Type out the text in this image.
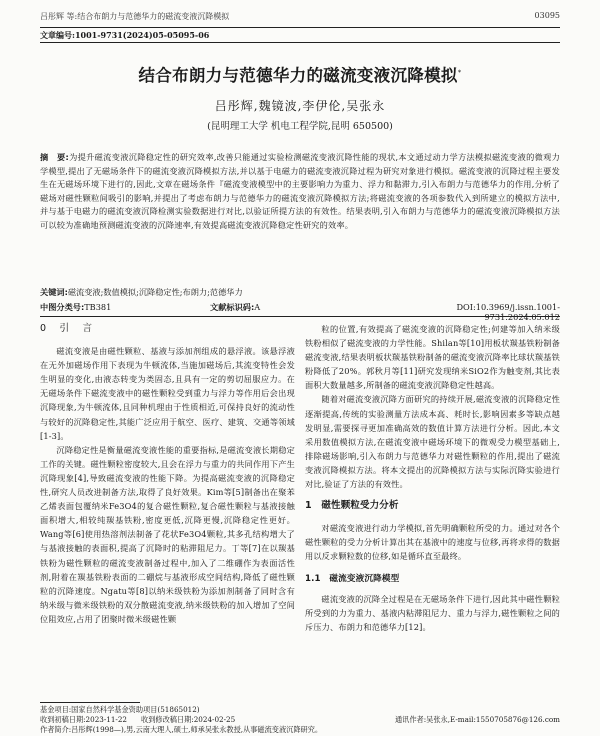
吕彤辉 等:结合布朗力与范德华力的磁流变液沉降模拟	03095
文章编号:1001-9731(2024)05-05095-06
结合布朗力与范德华力的磁流变液沉降模拟*
吕彤辉,魏镜波,李伊伦,吴张永
(昆明理工大学 机电工程学院,昆明 650500)
摘　要:为提升磁流变液沉降稳定性的研究效率,改善只能通过实验检测磁流变液沉降性能的现状,本文通过动力学方法模拟磁流变液的微观力学模型,提出了无磁场条件下的磁流变液沉降模拟方法,并以基于电磁力的磁流变液沉降过程为研究对象进行模拟。磁流变液的沉降过程主要发生在无磁场环境下进行的,因此,文章在磁场条件『磁流变液模型中的主要影响力为重力、浮力和黏滞力,引入布朗力与范德华力的作用,分析了磁场对磁性颗粒间吸引的影响,并提出了考虑布朗力与范德华力的磁流变液沉降模拟方法;将磁流变液的各项参数代入到所建立的模拟方法中,并与基于电磁力的磁流变液沉降检测实验数据进行对比,以验证所提方法的有效性。结果表明,引入布朗力与范德华力的磁流变液沉降模拟方法可以较为准确地预测磁流变液的沉降速率,有效提高磁流变液沉降稳定性研究的效率。
关键词:磁流变液;数值模拟;沉降稳定性;布朗力;范德华力
中图分类号:TB381	文献标识码:A	DOI:10.3969/j.issn.1001-9731.2024.05.012
0　引　言

磁流变液是由磁性颗粒、基液与添加剂组成的悬浮液。该悬浮液在无外加磁场作用下表现为牛顿流体,当施加磁场后,其流变特性会发生明显的变化,由液态转变为类固态,且具有一定的剪切屈服应力。在无磁场条件下磁流变液中的磁性颗粒受到重力与浮力等作用后会出现沉降现象,为牛顿流体,且同种机理由于性质相近,可保持良好的流动性与较好的沉降稳定性,其能广泛应用于航空、医疗、建筑、交通等领域[1-3]。

沉降稳定性是衡量磁流变液性能的重要指标,是磁流变液长期稳定工作的关键。磁性颗粒密度较大,且会在浮力与重力的共同作用下产生沉降现象[4],导致磁流变液的性能下降。为提高磁流变液的沉降稳定性,研究人员改进制备方法,取得了良好效果。Kim等[5]制备出在聚苯乙烯表面包覆纳米Fe3O4的复合磁性颗粒,复合磁性颗粒与基液接触面积增大,相较纯羰基铁粉,密度更低,沉降更慢,沉降稳定性更好。Wang等[6]使用热溶剂法制备了花状Fe3O4颗粒,其多孔结构增大了与基液接触的表面积,提高了沉降时的粘滞阻尼力。丁等[7]在以羰基铁粉为磁性颗粒的磁流变液制备过程中,加入了二维硼作为表面活性剂,附着在羰基铁粉表面的二硼烷与基液形成空间结构,降低了磁性颗粒的沉降速度。Ngatu等[8]以纳米级铁粉为添加剂制备了同时含有纳米级与微米级铁粉的双分散磁流变液,纳米级铁粉的加入增加了空间位阻效应,占用了团聚时微米级磁性颗

粒的位置,有效提高了磁流变液的沉降稳定性;何建等加入纳米级铁粉相似了磁流变液的力学性能。Shilan等[10]用板状羰基铁粉制备磁流变液,结果表明板状羰基铁粉制备的磁流变液沉降率比球状羰基铁粉降低了20%。郭秋月等[11]研究发现纳米SiO2作为触变剂,其比表面积大数量越多,所制备的磁流变液沉降稳定性越高。

随着对磁流变液沉降方面研究的持续开展,磁流变液的沉降稳定性逐渐提高,传统的实验测量方法成本高、耗时长,影响因素多等缺点越发明显,需要探寻更加准确高效的数值计算方法进行分析。因此,本文采用数值模拟方法,在磁流变液中磁场环境下的微观受力模型基础上,排除磁场影响,引入布朗力与范德华力对磁性颗粒的作用,提出了磁流变液沉降模拟方法。将本文提出的沉降模拟方法与实际沉降实验进行对比,验证了方法的有效性。

1　磁性颗粒受力分析

对磁流变液进行动力学模拟,首先明确颗粒所受的力。通过对各个磁性颗粒的受力分析计算出其在基液中的速度与位移,再将求得的数据用以反求颗粒数的位移,如是循环直至最终。

1.1　磁流变液沉降模型

磁流变液的沉降全过程是在无磁场条件下进行,因此其中磁性颗粒所受到的力为重力、基液内粘滞阻尼力、重力与浮力,磁性颗粒之间的斥压力、布朗力和范德华力[12]。

基金项目:国家自然科学基金资助项目(51865012)
收到初稿日期:2023-11-22 收到修改稿日期:2024-02-25	通讯作者:吴张永,E-mail:1550705876@126.com
作者简介:吕彤辉(1998—),男,云南大理人,硕士,师承吴张永教授,从事磁流变液沉降研究。
